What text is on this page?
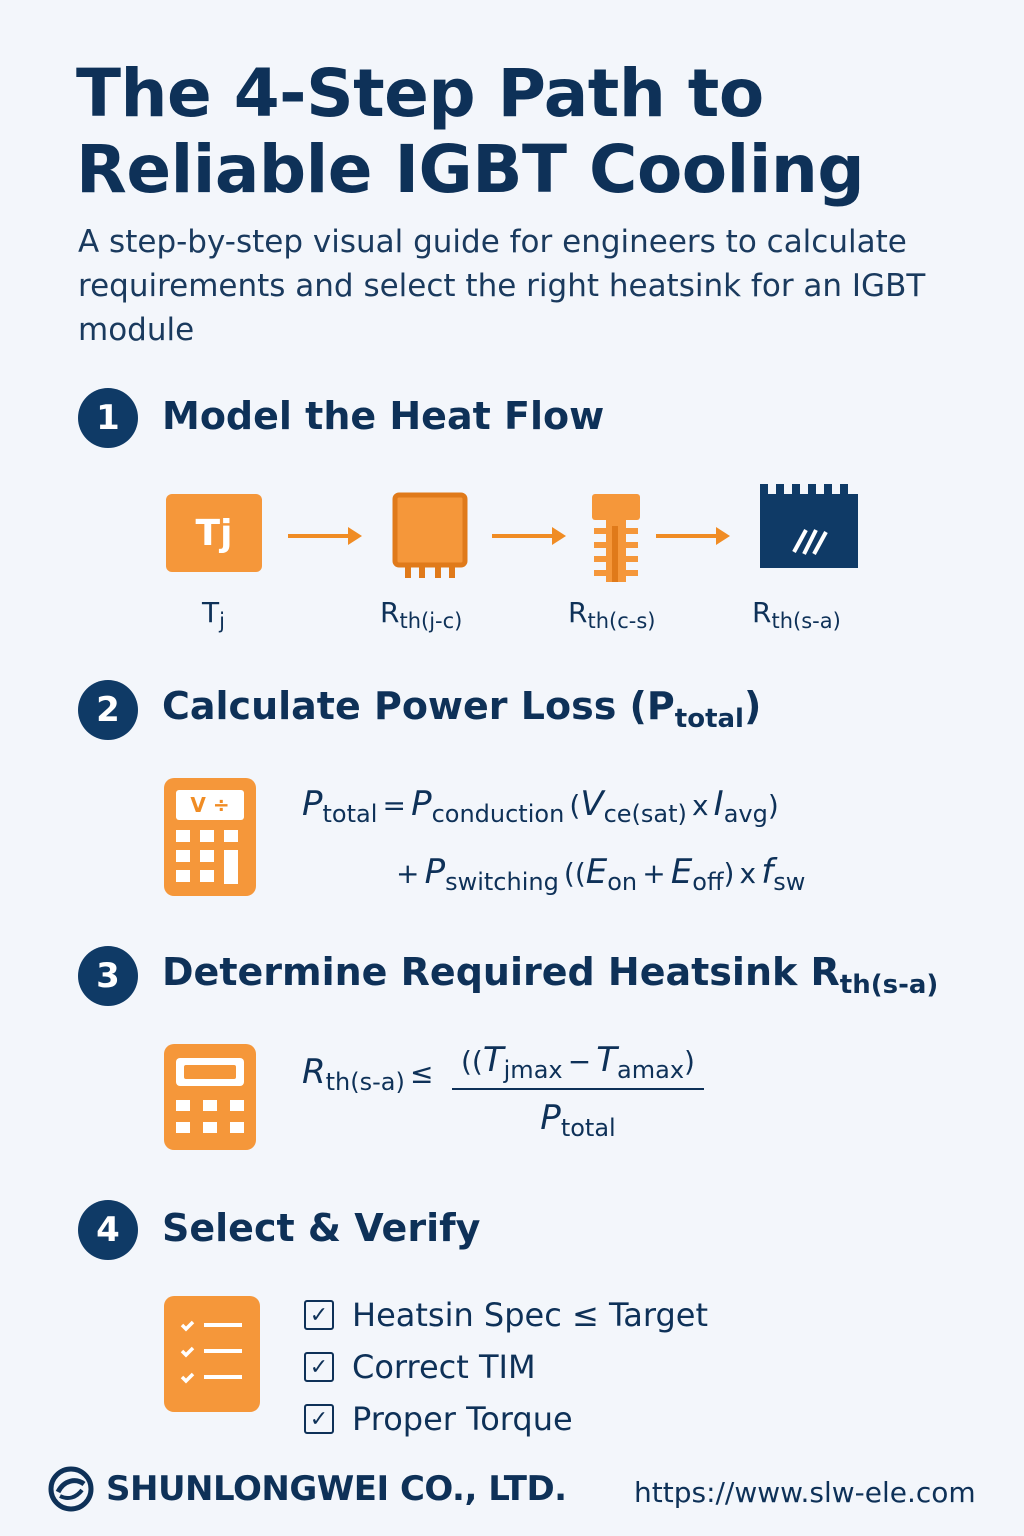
The 4-Step Path to
Reliable IGBT Cooling
A step-by-step visual guide for engineers to calculate requirements and select the right heatsink for an IGBT module
1	Model the Heat Flow
Tj
$T_j$	$R_{th(j-c)}$	$R_{th(c-s)}$	$R_{th(s-a)}$
2	Calculate Power Loss $(P_{total})$
V ÷	Ptotal = Pconduction (Vce(sat) x Iavg)
+ Pswitching ((Eon + Eoff) x fsw
3	Determine Required Heatsink $R_{th(s-a)}$
Rth(s-a) ≤ ((Tjmax − Tamax)
Ptotal
4	Select & Verify
✓ Heatsin Spec ≤ Target
✓ Correct TIM
✓ Proper Torque
SHUNLONGWEI CO., LTD. https://www.slw-ele.com
